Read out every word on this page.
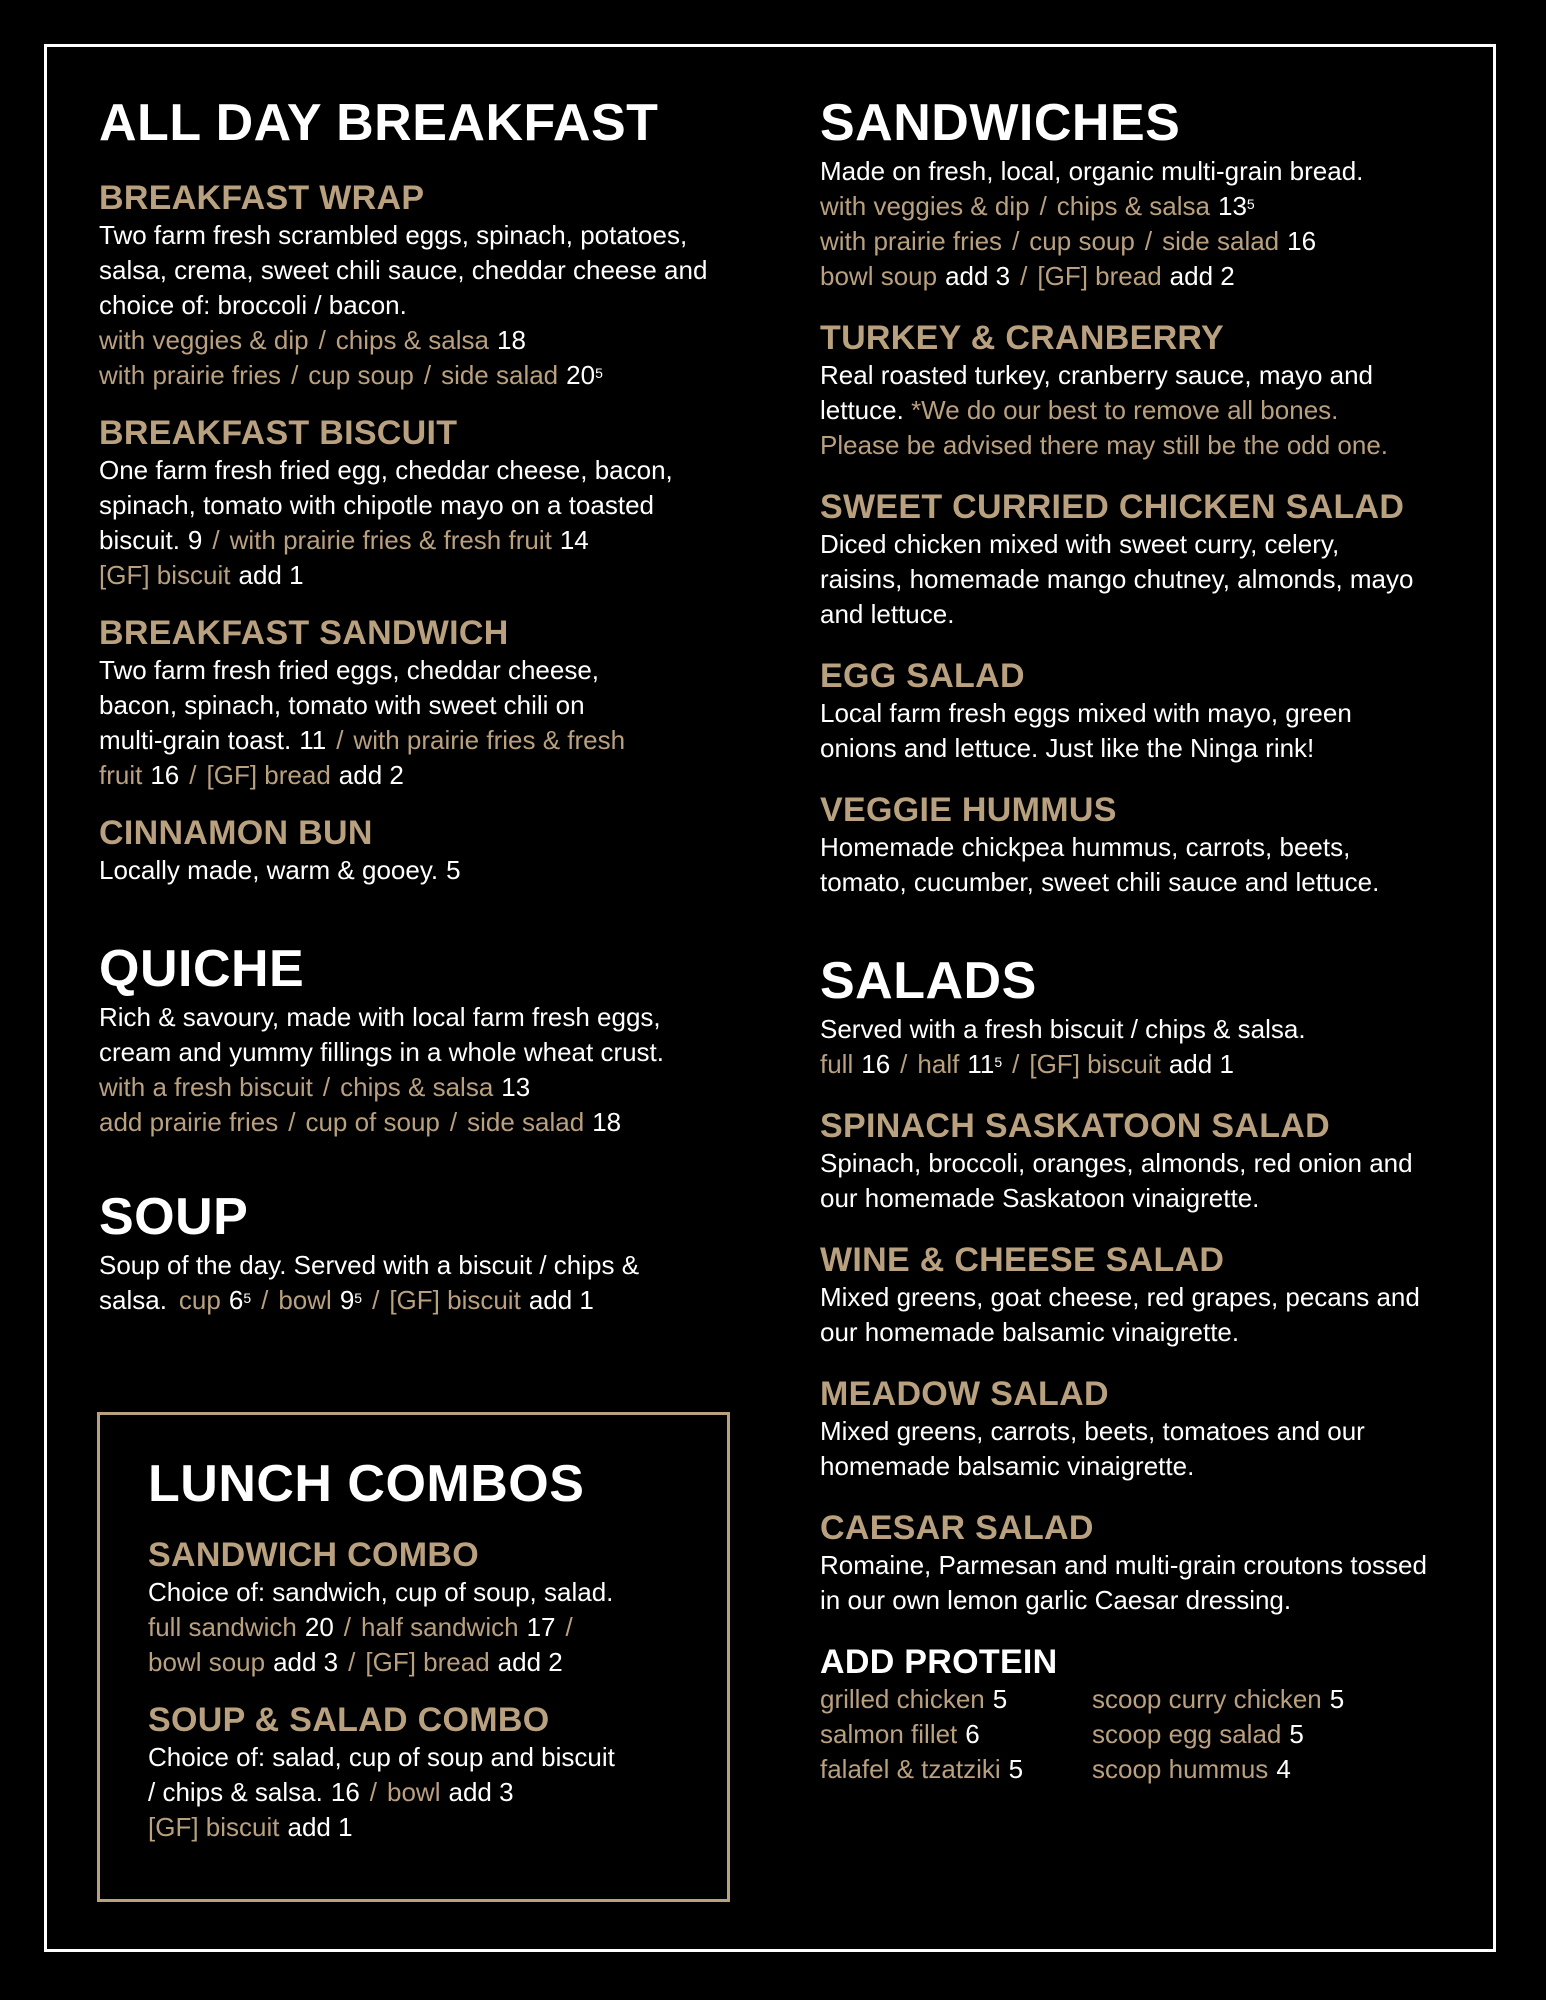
ALL DAY BREAKFAST
BREAKFAST WRAP

Two farm fresh scrambled eggs, spinach, potatoes, salsa, crema, sweet chili sauce, cheddar cheese and choice of: broccoli / bacon.

with veggies & dip / chips & salsa 18

with prairie fries / cup soup / side salad $20^5$

BREAKFAST BISCUIT

One farm fresh fried egg, cheddar cheese, bacon, spinach, tomato with chipotle mayo on a toasted biscuit. 9 / with prairie fries & fresh fruit 14

[GF] biscuit add 1

BREAKFAST SANDWICH

Two farm fresh fried eggs, cheddar cheese,

bacon, spinach, tomato with sweet chili on

multi-grain toast. 11 / with prairie fries & fresh

fruit 16 / [GF] bread add 2

CINNAMON BUN

Locally made, warm & gooey. 5

QUICHE

Rich & savoury, made with local farm fresh eggs, cream and yummy fillings in a whole wheat crust.

with a fresh biscuit / chips & salsa 13

add prairie fries / cup of soup / side salad 18

SOUP

Soup of the day. Served with a biscuit / chips &

salsa. cup $6^5$ / bowl $9^5 / [GF]$ biscuit add 1

LUNCH COMBOS
SANDWICH COMBO

Choice of: sandwich, cup of soup, salad.

full sandwich 20 / half sandwich 17 /

bowl soup add 3 / [GF] bread add 2

SOUP & SALAD COMBO

Choice of: salad, cup of soup and biscuit

/ chips & salsa. 16 / bowl add 3

[GF] biscuit add 1

SANDWICHES

Made on fresh, local, organic multi-grain bread.

with veggies & dip / chips & salsa $13^5$

with prairie fries / cup soup / side salad 16

bowl soup add 3 / [GF] bread add 2

TURKEY & CRANBERRY

Real roasted turkey, cranberry sauce, mayo and

lettuce. *We do our best to remove all bones.

Please be advised there may still be the odd one.

SWEET CURRIED CHICKEN SALAD

Diced chicken mixed with sweet curry, celery, raisins, homemade mango chutney, almonds, mayo and lettuce.

EGG SALAD

Local farm fresh eggs mixed with mayo, green onions and lettuce. Just like the Ninga rink!

VEGGIE HUMMUS

Homemade chickpea hummus, carrots, beets, tomato, cucumber, sweet chili sauce and lettuce.

SALADS

Served with a fresh biscuit / chips & salsa.

full 16 / half $11^5 / [GF]$ biscuit add 1

SPINACH SASKATOON SALAD

Spinach, broccoli, oranges, almonds, red onion and our homemade Saskatoon vinaigrette.

WINE & CHEESE SALAD

Mixed greens, goat cheese, red grapes, pecans and our homemade balsamic vinaigrette.

MEADOW SALAD

Mixed greens, carrots, beets, tomatoes and our homemade balsamic vinaigrette.

CAESAR SALAD

Romaine, Parmesan and multi-grain croutons tossed in our own lemon garlic Caesar dressing.

ADD PROTEIN
grilled chicken 5	scoop curry chicken 5
salmon fillet 6	scoop egg salad 5
falafel & tzatziki 5	scoop hummus 4
